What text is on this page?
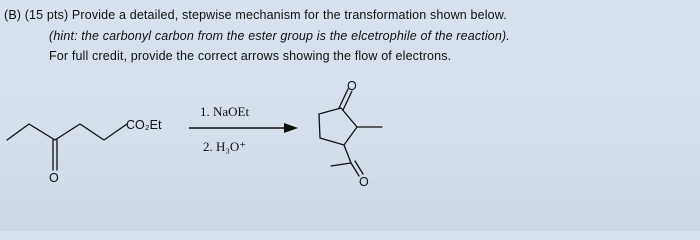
(B) (15 pts) Provide a detailed, stepwise mechanism for the transformation shown below.
(hint: the carbonyl carbon from the ester group is the elcetrophile of the reaction).
For full credit, provide the correct arrows showing the flow of electrons.
CO₂Et
O
1. NaOEt
2. H₃O⁺
O
O
